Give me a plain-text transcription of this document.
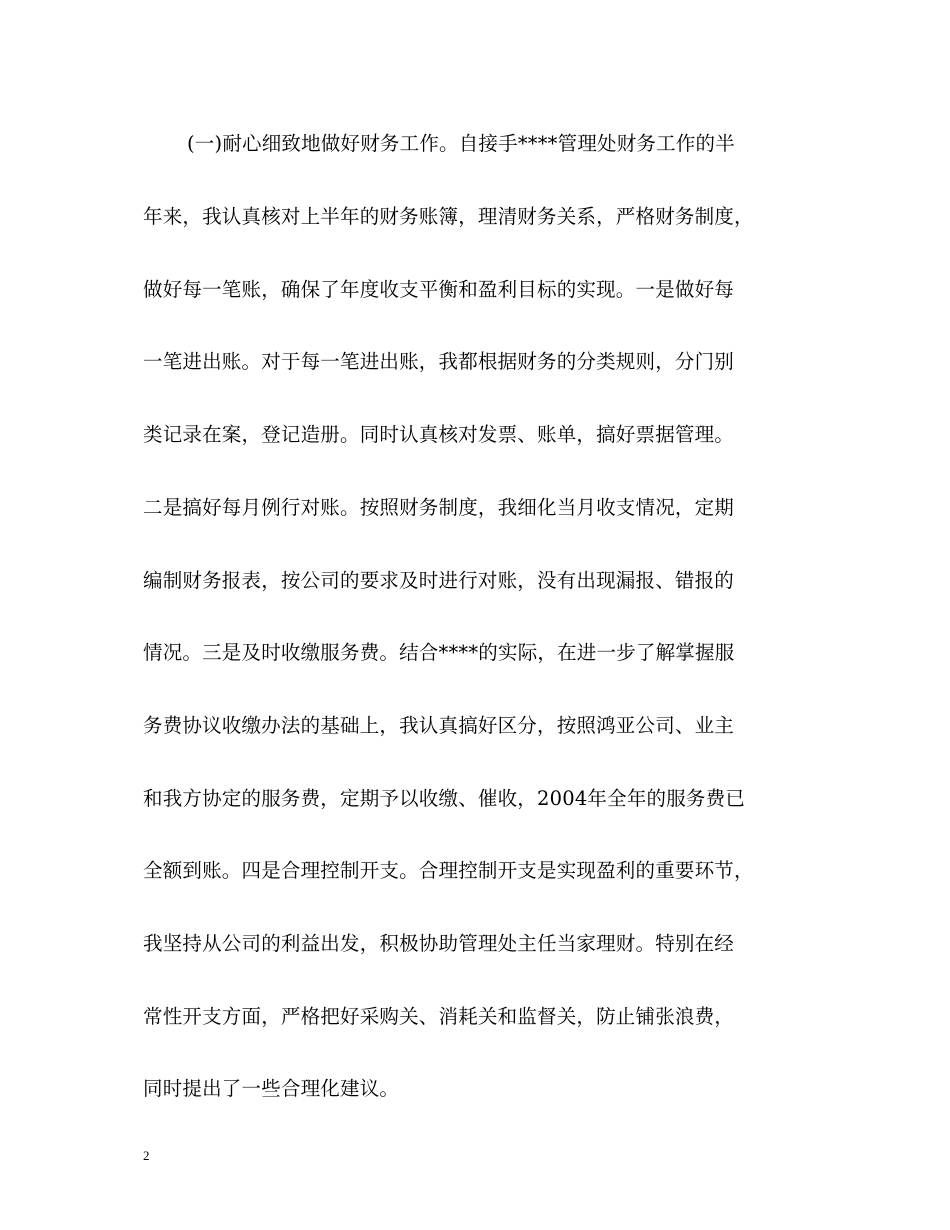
(一)耐心细致地做好财务工作。自接手****管理处财务工作的半
年来，我认真核对上半年的财务账簿，理清财务关系，严格财务制度，
做好每一笔账，确保了年度收支平衡和盈利目标的实现。一是做好每
一笔进出账。对于每一笔进出账，我都根据财务的分类规则，分门别
类记录在案，登记造册。同时认真核对发票、账单，搞好票据管理。
二是搞好每月例行对账。按照财务制度，我细化当月收支情况，定期
编制财务报表，按公司的要求及时进行对账，没有出现漏报、错报的
情况。三是及时收缴服务费。结合****的实际，在进一步了解掌握服
务费协议收缴办法的基础上，我认真搞好区分，按照鸿亚公司、业主
和我方协定的服务费，定期予以收缴、催收，2004年全年的服务费已
全额到账。四是合理控制开支。合理控制开支是实现盈利的重要环节，
我坚持从公司的利益出发，积极协助管理处主任当家理财。特别在经
常性开支方面，严格把好采购关、消耗关和监督关，防止铺张浪费，
同时提出了一些合理化建议。
2
